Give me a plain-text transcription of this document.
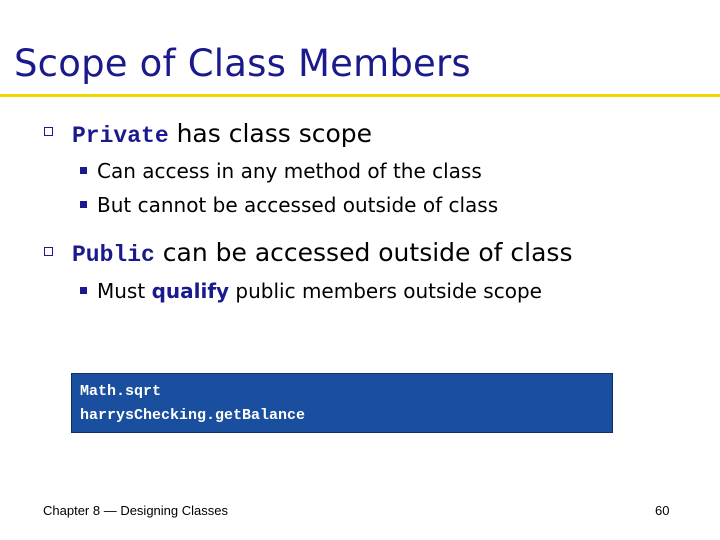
Scope of Class Members
Private has class scope
Can access in any method of the class
But cannot be accessed outside of class
Public can be accessed outside of class
Must qualify public members outside scope
Math.sqrt
harrysChecking.getBalance
Chapter 8 — Designing Classes	60
